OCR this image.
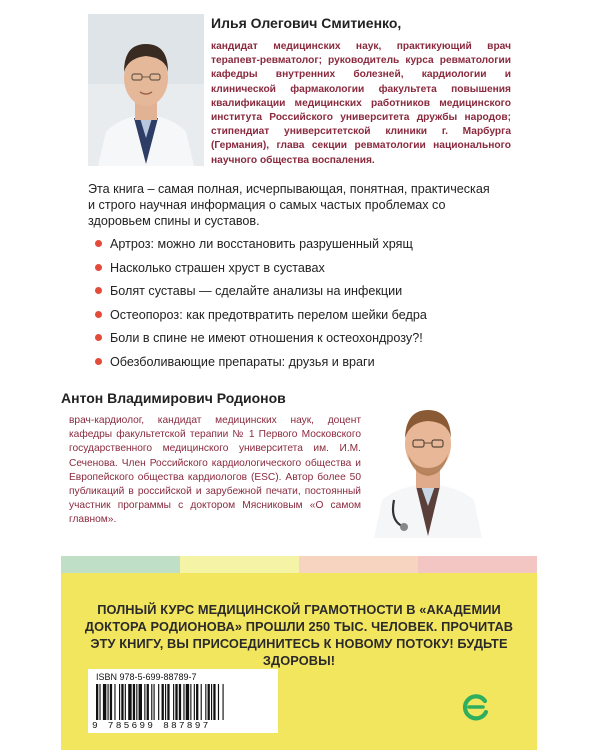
Илья Олегович Смитиенко,
кандидат медицинских наук, практикующий врач терапевт-ревматолог; руководитель курса ревматологии кафедры внутренних болезней, кардиологии и клинической фармакологии факультета повышения квалификации медицинских работников медицинского института Российского университета дружбы народов; стипендиат университетской клиники г. Марбурга (Германия), глава секции ревматологии национального научного общества воспаления.
Эта книга – самая полная, исчерпывающая, понятная, практическая и строго научная информация о самых частых проблемах со здоровьем спины и суставов.
Артроз: можно ли восстановить разрушенный хрящ
Насколько страшен хруст в суставах
Болят суставы — сделайте анализы на инфекции
Остеопороз: как предотвратить перелом шейки бедра
Боли в спине не имеют отношения к остеохондрозу?!
Обезболивающие препараты: друзья и враги
Антон Владимирович Родионов
врач-кардиолог, кандидат медицинских наук, доцент кафедры факультетской терапии № 1 Первого Московского государственного медицинского университета им. И.М. Сеченова. Член Российского кардиологического общества и Европейского общества кардиологов (ESC). Автор более 50 публикаций в российской и зарубежной печати, постоянный участник программы с доктором Мясниковым «О самом главном».
ПОЛНЫЙ КУРС МЕДИЦИНСКОЙ ГРАМОТНОСТИ В «АКАДЕМИИ ДОКТОРА РОДИОНОВА» ПРОШЛИ 250 ТЫС. ЧЕЛОВЕК. ПРОЧИТАВ ЭТУ КНИГУ, ВЫ ПРИСОЕДИНИТЕСЬ К НОВОМУ ПОТОКУ! БУДЬТЕ ЗДОРОВЫ!
ISBN 978-5-699-88789-7
9 785699 887897
